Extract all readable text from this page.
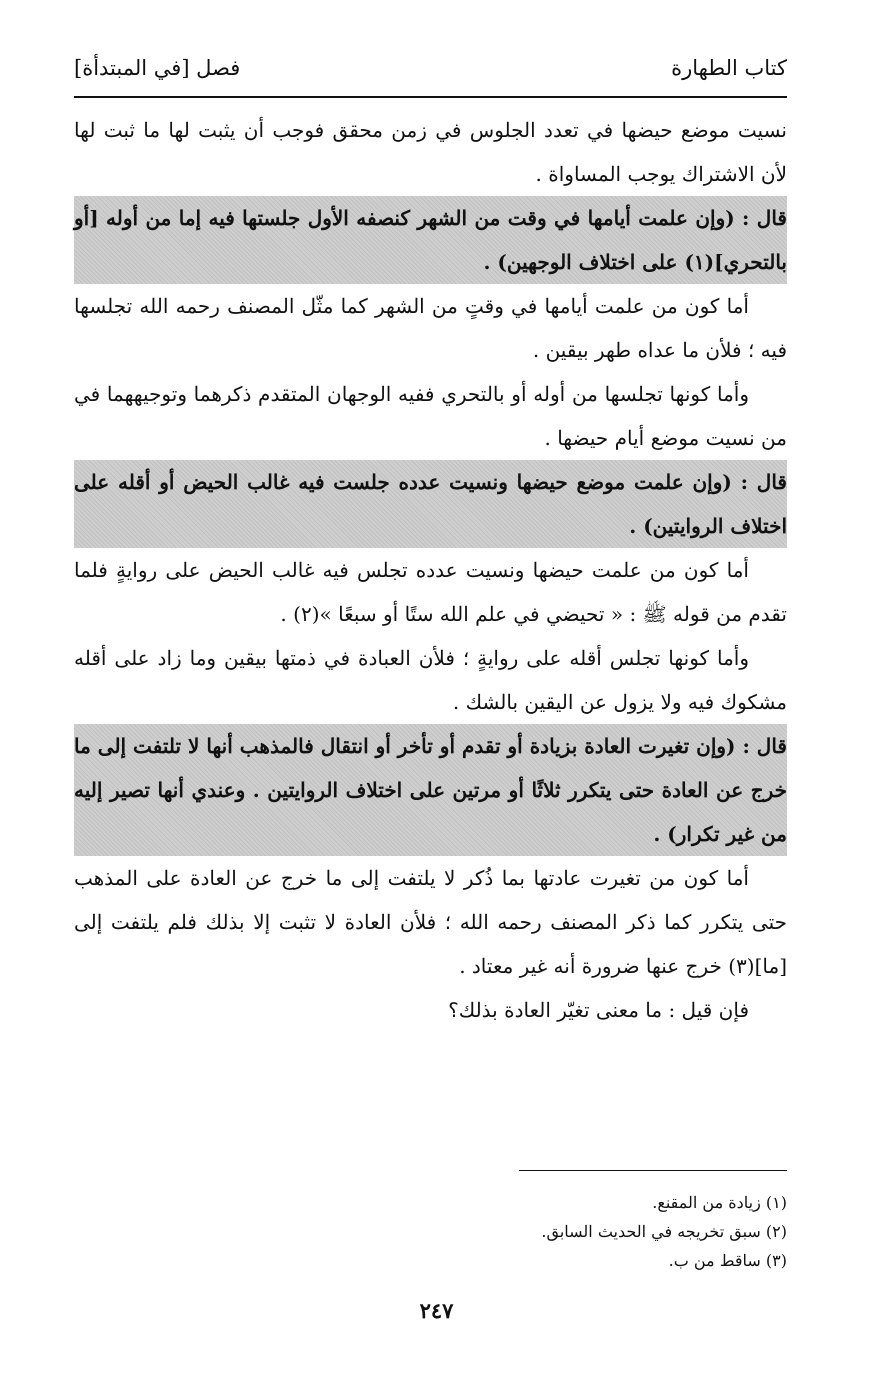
كتاب الطهارة
فصل [في المبتدأة]

نسيت موضع حيضها في تعدد الجلوس في زمن محقق فوجب أن يثبت لها ما ثبت لها لأن الاشتراك يوجب المساواة .

قال : (وإن علمت أيامها في وقت من الشهر كنصفه الأول جلستها فيه إما من أوله [أو بالتحري](١) على اختلاف الوجهين) .

أما كون من علمت أيامها في وقتٍ من الشهر كما مثّل المصنف رحمه الله تجلسها فيه ؛ فلأن ما عداه طهر بيقين .

وأما كونها تجلسها من أوله أو بالتحري ففيه الوجهان المتقدم ذكرهما وتوجيههما في من نسيت موضع أيام حيضها .

قال : (وإن علمت موضع حيضها ونسيت عدده جلست فيه غالب الحيض أو أقله على اختلاف الروايتين) .

أما كون من علمت حيضها ونسيت عدده تجلس فيه غالب الحيض على روايةٍ فلما تقدم من قوله ﷺ : « تحيضي في علم الله ستًا أو سبعًا »(٢) .

وأما كونها تجلس أقله على روايةٍ ؛ فلأن العبادة في ذمتها بيقين وما زاد على أقله مشكوك فيه ولا يزول عن اليقين بالشك .

قال : (وإن تغيرت العادة بزيادة أو تقدم أو تأخر أو انتقال فالمذهب أنها لا تلتفت إلى ما خرج عن العادة حتى يتكرر ثلاثًا أو مرتين على اختلاف الروايتين . وعندي أنها تصير إليه من غير تكرار) .

أما كون من تغيرت عادتها بما ذُكر لا يلتفت إلى ما خرج عن العادة على المذهب حتى يتكرر كما ذكر المصنف رحمه الله ؛ فلأن العادة لا تثبت إلا بذلك فلم يلتفت إلى [ما](٣) خرج عنها ضرورة أنه غير معتاد .

فإن قيل : ما معنى تغيّر العادة بذلك؟

(١) زيادة من المقنع.
(٢) سبق تخريجه في الحديث السابق.
(٣) ساقط من ب.
٢٤٧
